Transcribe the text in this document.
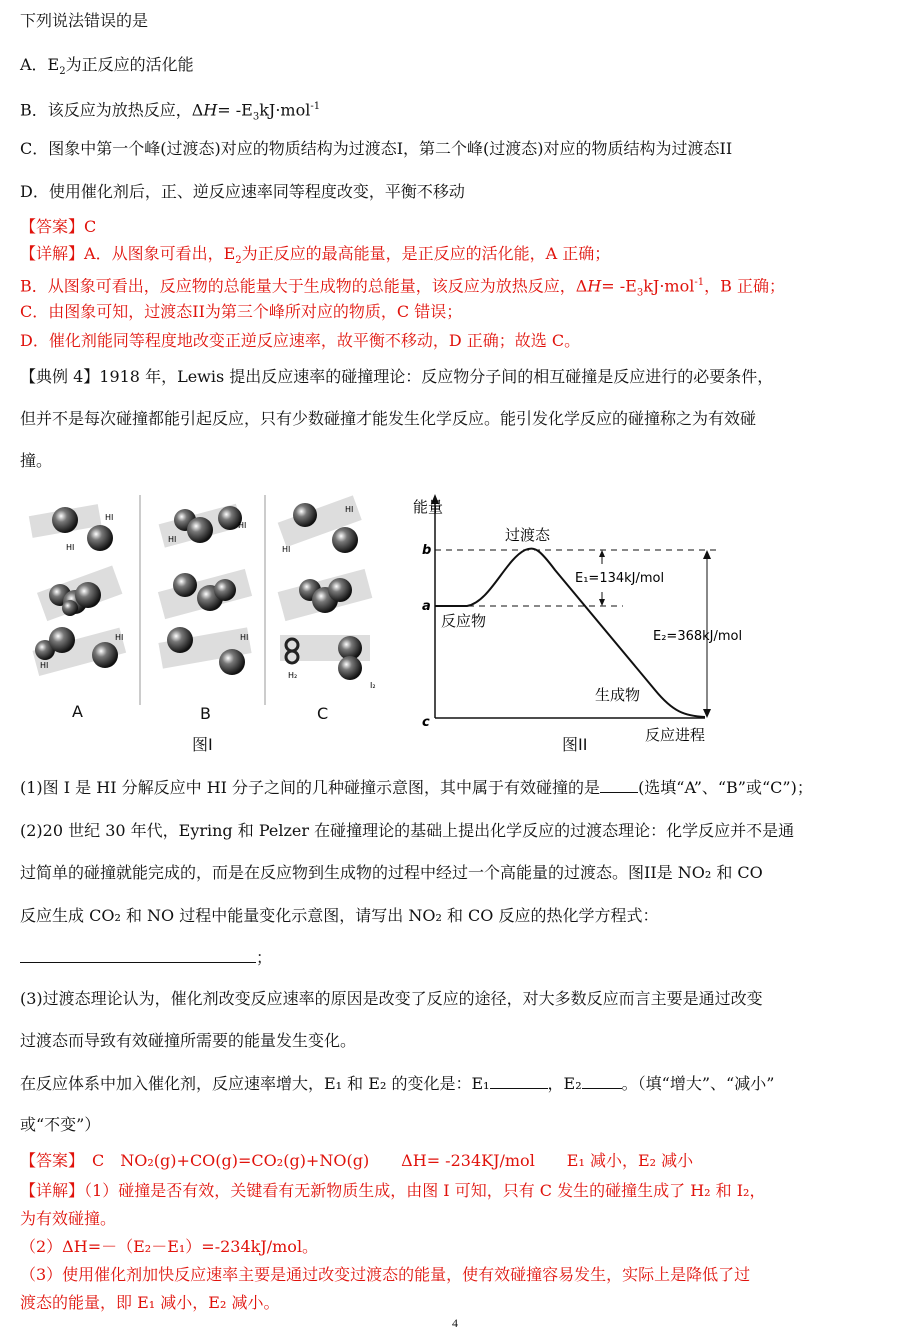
下列说法错误的是
A．$E_2$为正反应的活化能
B．该反应为放热反应，$\Delta H= -E_3kJ\cdot mol^{-1}$
C．图象中第一个峰(过渡态)对应的物质结构为过渡态I，第二个峰(过渡态)对应的物质结构为过渡态II
D．使用催化剂后，正、逆反应速率同等程度改变，平衡不移动
【答案】C
【详解】A．从图象可看出，$E_2$为正反应的最高能量，是正反应的活化能，A 正确；
B．从图象可看出，反应物的总能量大于生成物的总能量，该反应为放热反应，$\Delta H= -E_3kJ\cdot mol^{-1}$，B 正确；
C．由图象可知，过渡态II为第三个峰所对应的物质，C 错误；
D．催化剂能同等程度地改变正逆反应速率，故平衡不移动，D 正确；故选 C。
【典例 4】1918 年，Lewis 提出反应速率的碰撞理论：反应物分子间的相互碰撞是反应进行的必要条件，
但并不是每次碰撞都能引起反应，只有少数碰撞才能发生化学反应。能引发化学反应的碰撞称之为有效碰
撞。
HI
HI
HI
HI
HI
HI
HI
HI
HI
H₂
I₂
A	B	C
图I
能量
b
a
c
过渡态
E₁=134kJ/mol
E₂=368kJ/mol
反应物
生成物
反应进程
图II
(1)图 I 是 HI 分解反应中 HI 分子之间的几种碰撞示意图，其中属于有效碰撞的是 (选填“A”、“B”或“C”)；
(2)20 世纪 30 年代，Eyring 和 Pelzer 在碰撞理论的基础上提出化学反应的过渡态理论：化学反应并不是通
过简单的碰撞就能完成的，而是在反应物到生成物的过程中经过一个高能量的过渡态。图II是 NO₂ 和 CO
反应生成 CO₂ 和 NO 过程中能量变化示意图，请写出 NO₂ 和 CO 反应的热化学方程式：
；
(3)过渡态理论认为，催化剂改变反应速率的原因是改变了反应的途径，对大多数反应而言主要是通过改变
过渡态而导致有效碰撞所需要的能量发生变化。
在反应体系中加入催化剂，反应速率增大，E₁ 和 E₂ 的变化是：E₁	，E₂	。（填“增大”、“减小”
或“不变”）
【答案】　 C　NO₂(g)+CO(g)=CO₂(g)+NO(g)　　ΔH= -234KJ/mol　　E₁ 减小，E₂ 减小
【详解】（1）碰撞是否有效，关键看有无新物质生成，由图 I 可知，只有 C 发生的碰撞生成了 H₂ 和 I₂，
为有效碰撞。
（2）ΔH=－（E₂－E₁）=-234kJ/mol。
（3）使用催化剂加快反应速率主要是通过改变过渡态的能量，使有效碰撞容易发生，实际上是降低了过
渡态的能量，即 E₁ 减小，E₂ 减小。
4
